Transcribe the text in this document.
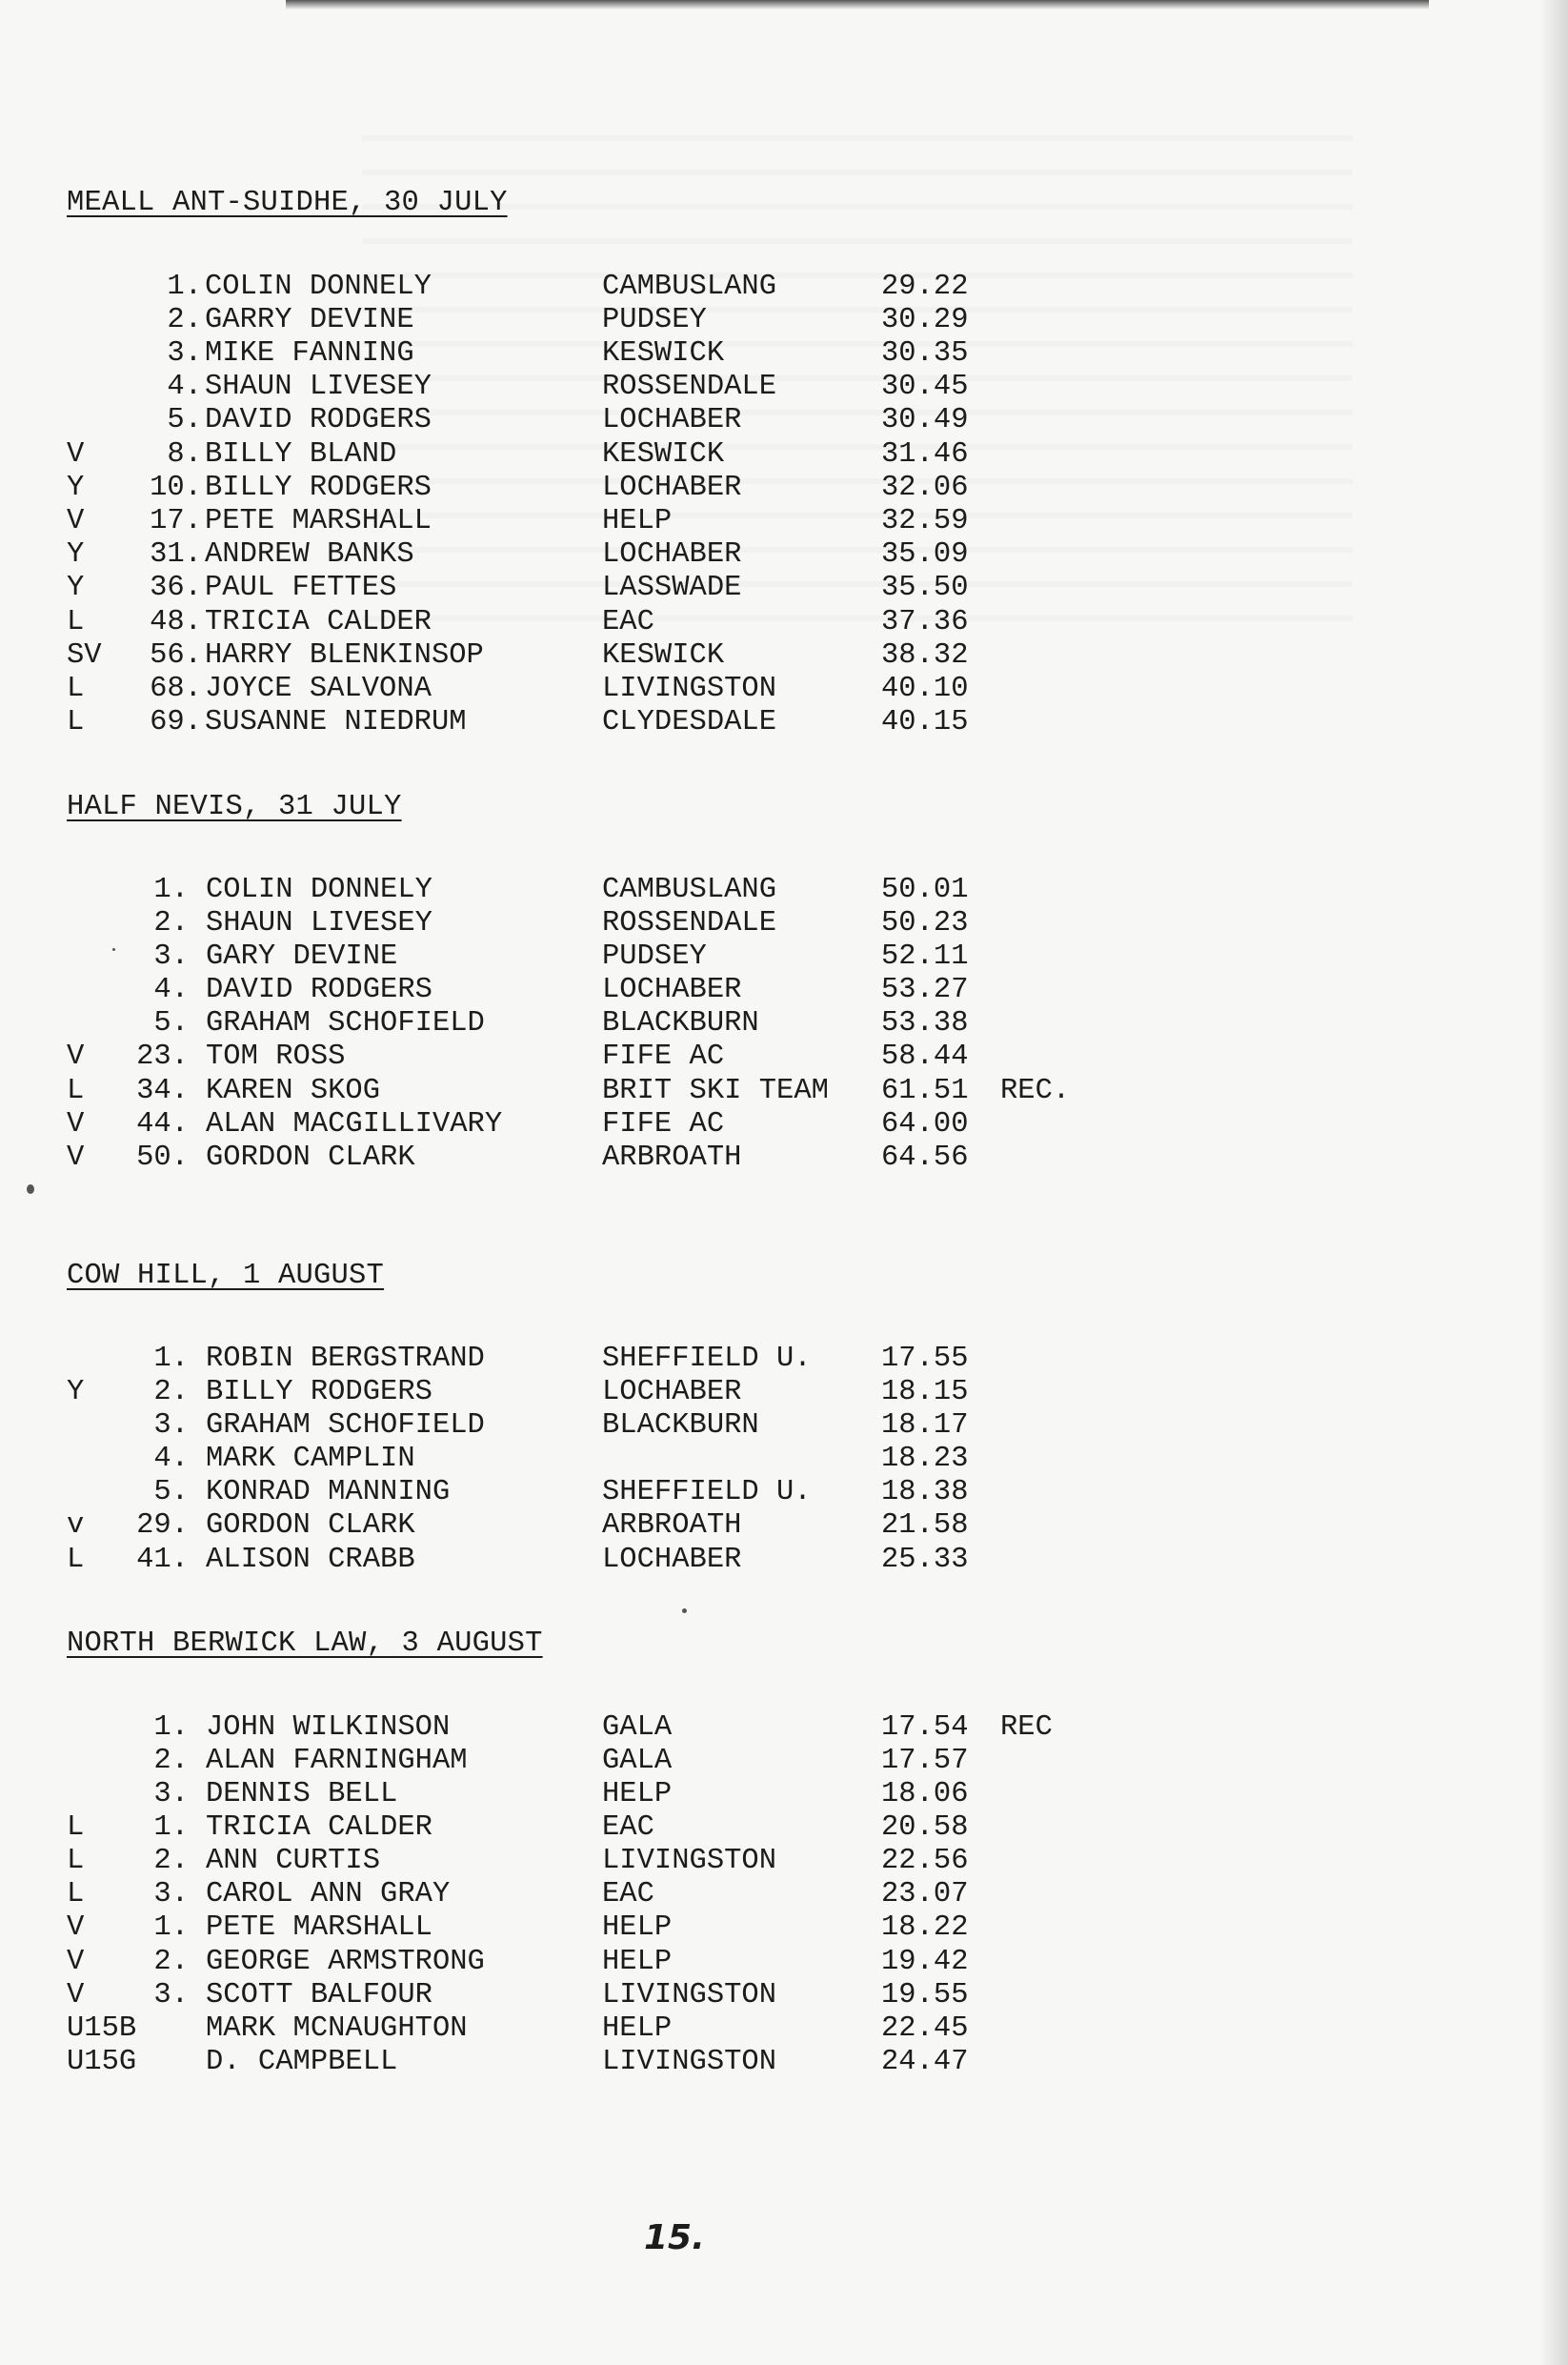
MEALL ANT-SUIDHE, 30 JULY
1. COLIN DONNELY	CAMBUSLANG	29.22
2. GARRY DEVINE	PUDSEY	30.29
3. MIKE FANNING	KESWICK	30.35
4. SHAUN LIVESEY	ROSSENDALE	30.45
5. DAVID RODGERS	LOCHABER	30.49
V	8. BILLY BLAND	KESWICK	31.46
Y	10. BILLY RODGERS	LOCHABER	32.06
V	17. PETE MARSHALL	HELP	32.59
Y	31. ANDREW BANKS	LOCHABER	35.09
Y	36. PAUL FETTES	LASSWADE	35.50
L	48. TRICIA CALDER	EAC	37.36
SV	56. HARRY BLENKINSOP	KESWICK	38.32
L	68. JOYCE SALVONA	LIVINGSTON	40.10
L	69. SUSANNE NIEDRUM	CLYDESDALE	40.15
HALF NEVIS, 31 JULY
1. COLIN DONNELY	CAMBUSLANG	50.01
2. SHAUN LIVESEY	ROSSENDALE	50.23
3. GARY DEVINE	PUDSEY	52.11
4. DAVID RODGERS	LOCHABER	53.27
5. GRAHAM SCHOFIELD	BLACKBURN	53.38
V	23. TOM ROSS	FIFE AC	58.44
L	34. KAREN SKOG	BRIT SKI TEAM 61.51 REC.
V	44. ALAN MACGILLIVARY	FIFE AC	64.00
V	50. GORDON CLARK	ARBROATH	64.56
COW HILL, 1 AUGUST
1. ROBIN BERGSTRAND	SHEFFIELD U. 17.55
Y	2. BILLY RODGERS	LOCHABER	18.15
3. GRAHAM SCHOFIELD	BLACKBURN	18.17
4. MARK CAMPLIN	18.23
5. KONRAD MANNING	SHEFFIELD U. 18.38
v	29. GORDON CLARK	ARBROATH	21.58
L	41. ALISON CRABB	LOCHABER	25.33
NORTH BERWICK LAW, 3 AUGUST
1. JOHN WILKINSON	GALA	17.54 REC
2. ALAN FARNINGHAM	GALA	17.57
3. DENNIS BELL	HELP	18.06
L	1. TRICIA CALDER	EAC	20.58
L	2. ANN CURTIS	LIVINGSTON	22.56
L	3. CAROL ANN GRAY	EAC	23.07
V	1. PETE MARSHALL	HELP	18.22
V	2. GEORGE ARMSTRONG	HELP	19.42
V	3. SCOTT BALFOUR	LIVINGSTON	19.55
U15B MARK MCNAUGHTON	HELP	22.45
U15G D. CAMPBELL	LIVINGSTON	24.47
15.
